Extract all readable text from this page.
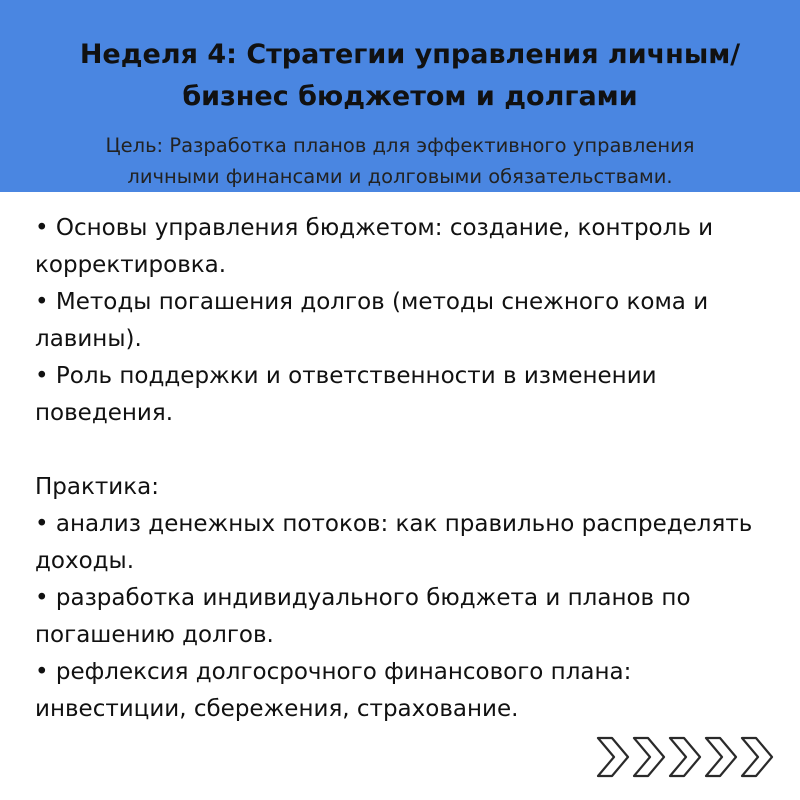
Неделя 4: Стратегии управления личным/
бизнес бюджетом и долгами

Цель: Разработка планов для эффективного управления
личными финансами и долговыми обязательствами.

• Основы управления бюджетом: создание, контроль и корректировка.

• Методы погашения долгов (методы снежного кома и лавины).

• Роль поддержки и ответственности в изменении поведения.

Практика:

• анализ денежных потоков: как правильно распределять доходы.

• разработка индивидуального бюджета и планов по погашению долгов.

• рефлексия долгосрочного финансового плана: инвестиции, сбережения, страхование.
